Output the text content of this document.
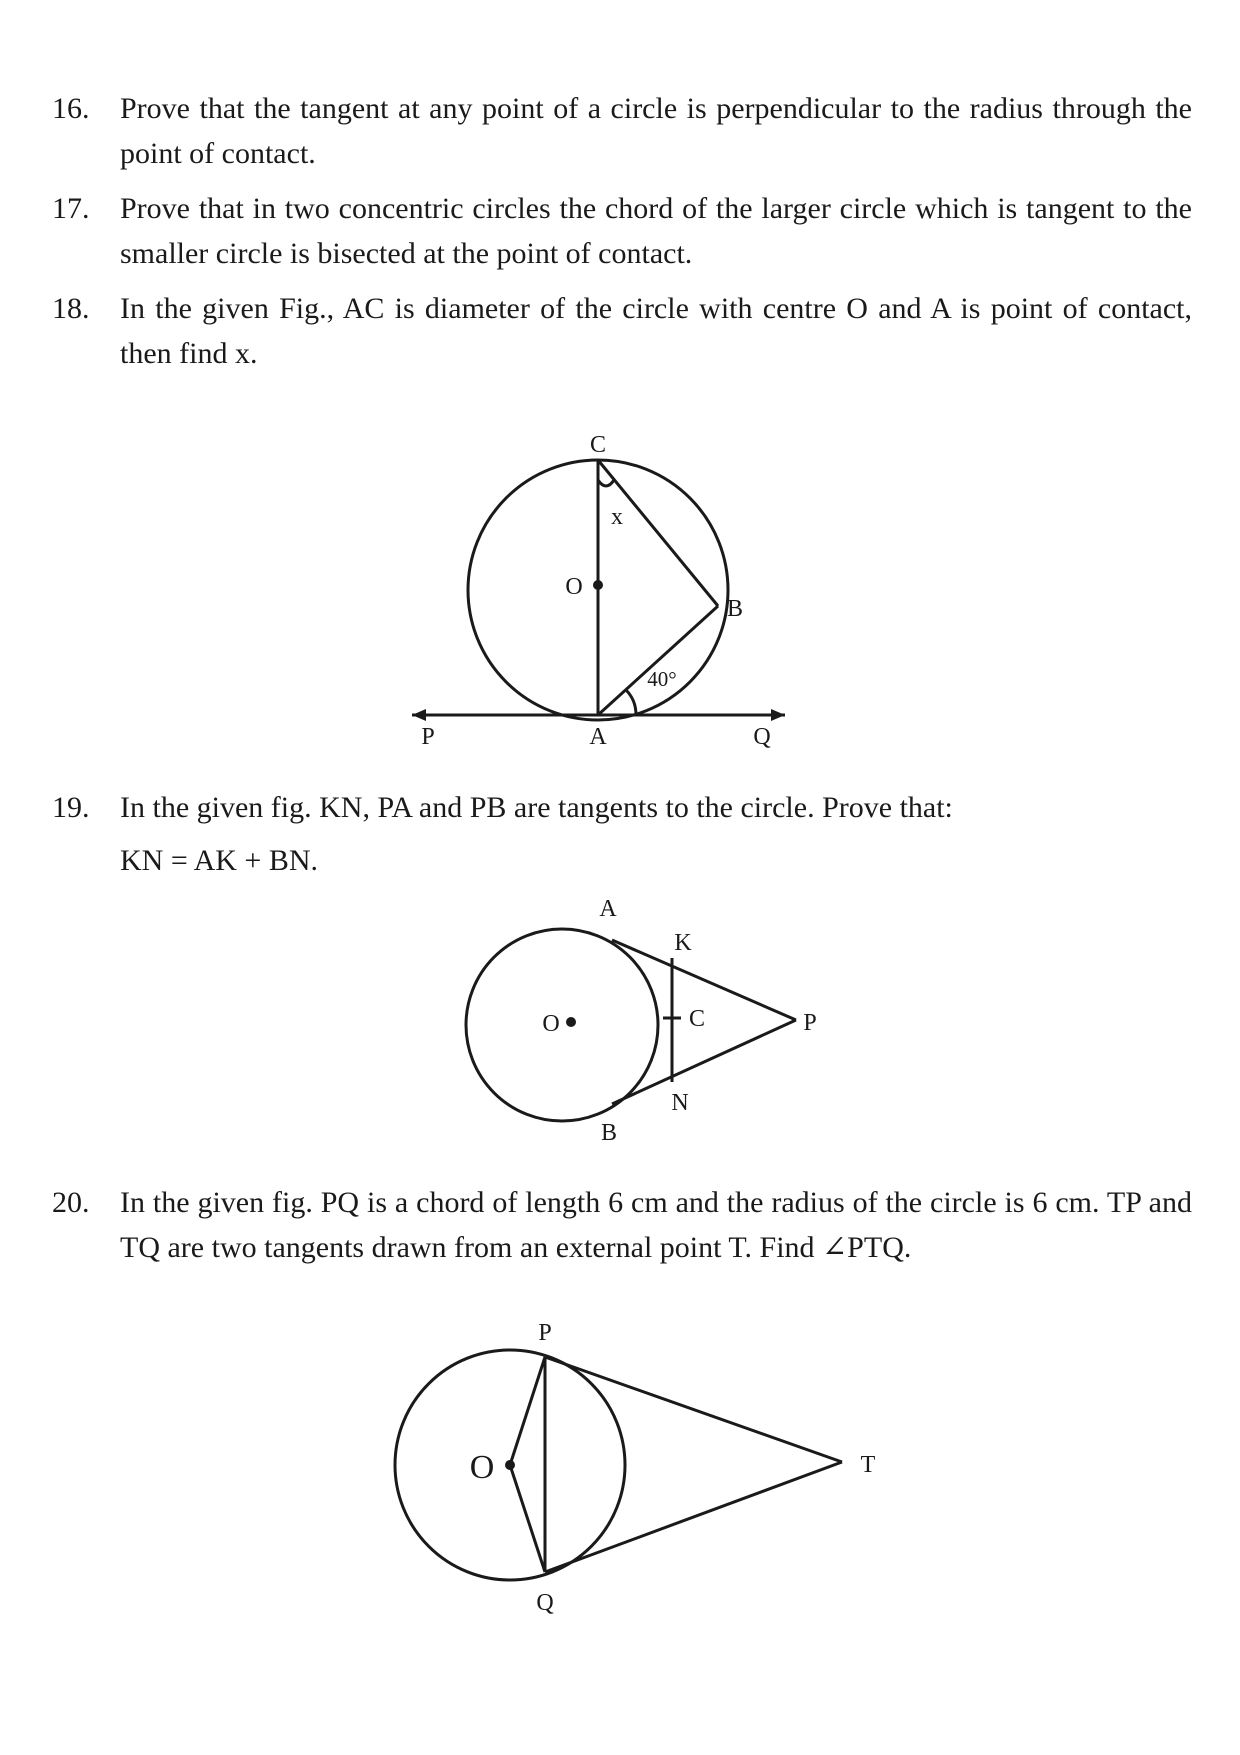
16.	Prove that the tangent at any point of a circle is perpendicular to the radius through the point of contact.
17.	Prove that in two concentric circles the chord of the larger circle which is tangent to the smaller circle is bisected at the point of contact.
18.	In the given Fig., AC is diameter of the circle with centre O and A is point of contact, then find x.
C
O
B
A
P	Q
x
40°
19.	In the given fig. KN, PA and PB are tangents to the circle. Prove that:
KN = AK + BN.
A
K
O	C	P
N
B
20.	In the given fig. PQ is a chord of length 6 cm and the radius of the circle is 6 cm. TP and TQ are two tangents drawn from an external point T. Find ∠PTQ.
P
O	T
Q
